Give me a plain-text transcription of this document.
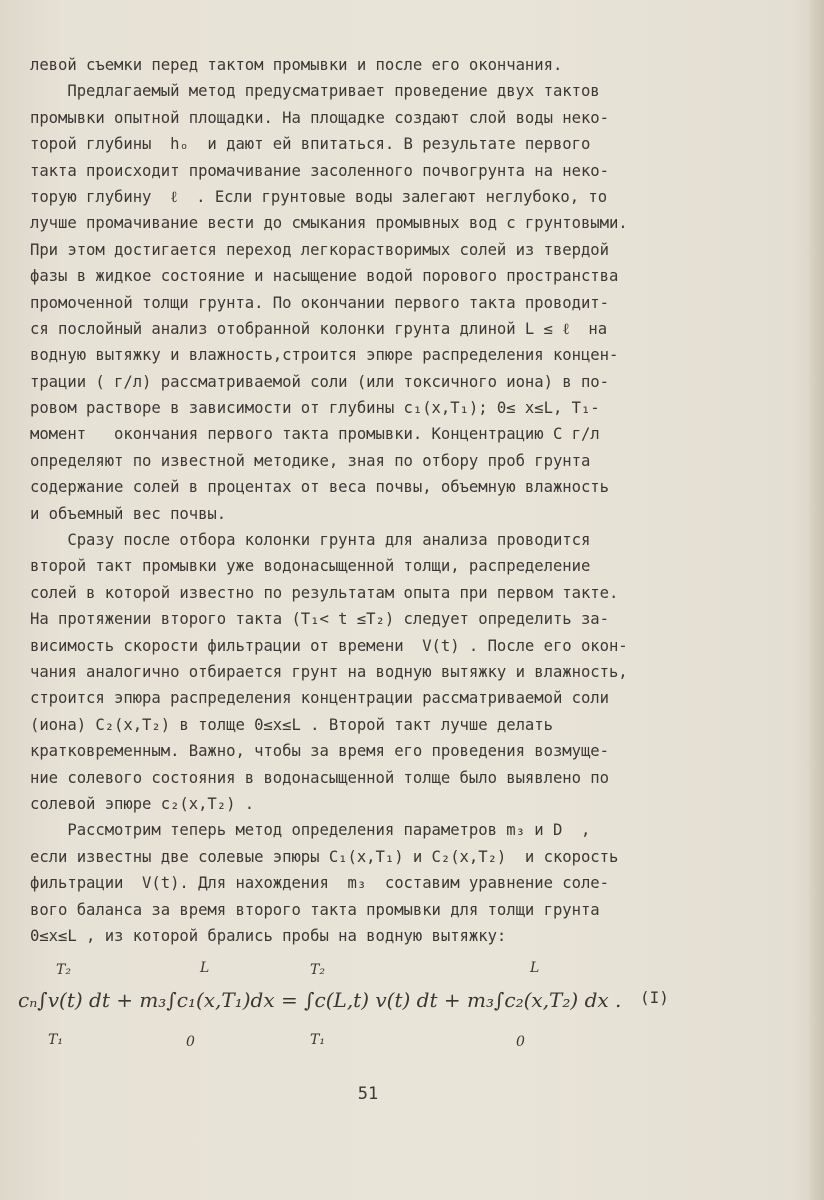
левой съемки перед тактом промывки и после его окончания.
Предлагаемый метод предусматривает проведение двух тактов
промывки опытной площадки. На площадке создают слой воды неко-
торой глубины  hₒ  и дают ей впитаться. В результате первого
такта происходит промачивание засоленного почвогрунта на неко-
торую глубину  ℓ  . Если грунтовые воды залегают неглубоко, то
лучше промачивание вести до смыкания промывных вод с грунтовыми.
При этом достигается переход легкорастворимых солей из твердой
фазы в жидкое состояние и насыщение водой порового пространства
промоченной толщи грунта. По окончании первого такта проводит-
ся послойный анализ отобранной колонки грунта длиной L ≤ ℓ  на
водную вытяжку и влажность,строится эпюре распределения концен-
трации ( г/л) рассматриваемой соли (или токсичного иона) в по-
ровом растворе в зависимости от глубины c₁(x,T₁); 0≤ x≤L, T₁-
момент   окончания первого такта промывки. Концентрацию С г/л
определяют по известной методике, зная по отбору проб грунта
содержание солей в процентах от веса почвы, объемную влажность
и объемный вес почвы.
Сразу после отбора колонки грунта для анализа проводится
второй такт промывки уже водонасыщенной толщи, распределение
солей в которой известно по результатам опыта при первом такте.
На протяжении второго такта (T₁< t ≤T₂) следует определить за-
висимость скорости фильтрации от времени  V(t) . После его окон-
чания аналогично отбирается грунт на водную вытяжку и влажность,
строится эпюра распределения концентрации рассматриваемой соли
(иона) C₂(x,T₂) в толще 0≤x≤L . Второй такт лучше делать
кратковременным. Важно, чтобы за время его проведения возмуще-
ние солевого состояния в водонасыщенной толще было выявлено по
солевой эпюре c₂(x,T₂) .
Рассмотрим теперь метод определения параметров m₃ и D  ,
если известны две солевые эпюры C₁(x,T₁) и C₂(x,T₂)  и скорость
фильтрации  V(t). Для нахождения  m₃  составим уравнение соле-
вого баланса за время второго такта промывки для толщи грунта
0≤x≤L , из которой брались пробы на водную вытяжку:
T₂	L	T₂	L
cₙ∫v(t) dt + m₃∫c₁(x,T₁)dx = ∫c(L,t) v(t) dt + m₃∫c₂(x,T₂) dx .
T₁	0	T₁	0
(I)
51
